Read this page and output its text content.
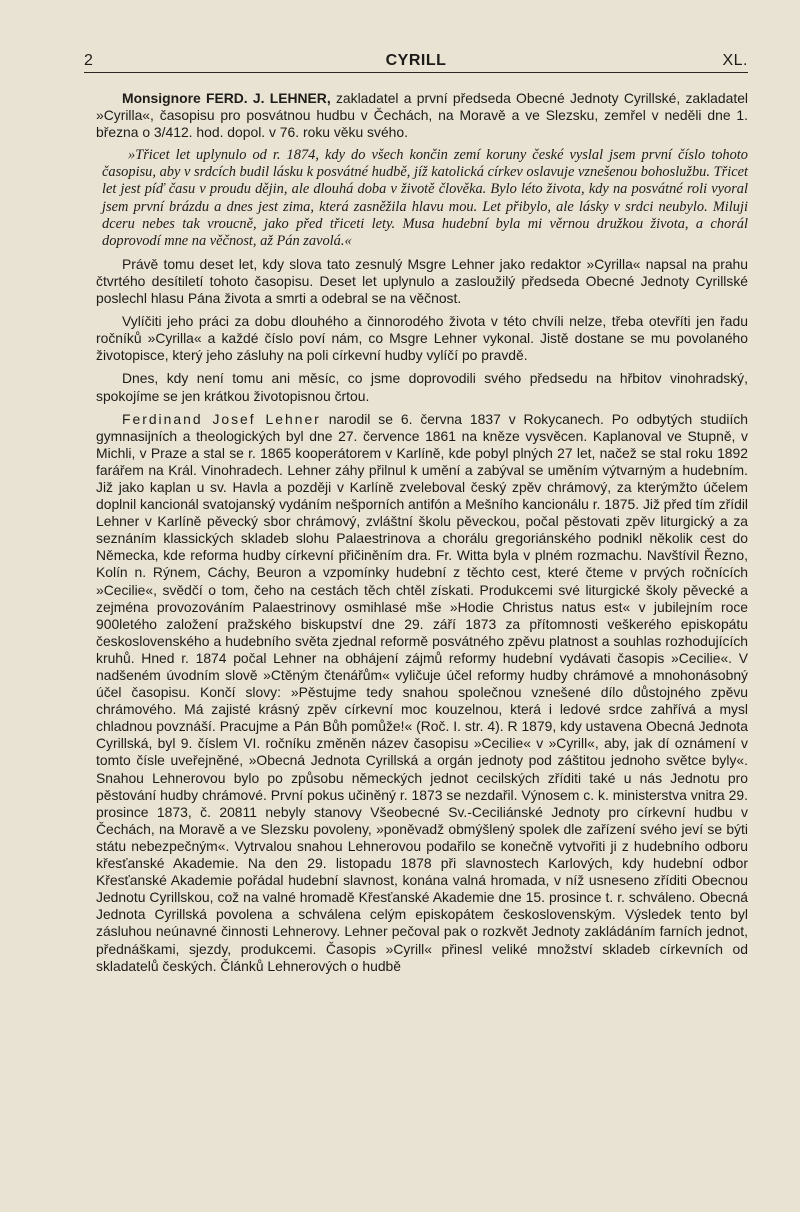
2	CYRILL	XL.

Monsignore FERD. J. LEHNER, zakladatel a první předseda Obecné Jednoty Cyrillské, zakladatel »Cyrilla«, časopisu pro posvátnou hudbu v Čechách, na Moravě a ve Slezsku, zemřel v neděli dne 1. března o 3/412. hod. dopol. v 76. roku věku svého.

»Třicet let uplynulo od r. 1874, kdy do všech končin zemí koruny české vyslal jsem první číslo tohoto časopisu, aby v srdcích budil lásku k posvátné hudbě, jíž katolická církev oslavuje vznešenou bohoslužbu. Třicet let jest píď času v proudu dějin, ale dlouhá doba v životě člověka. Bylo léto života, kdy na posvátné roli vyoral jsem první brázdu a dnes jest zima, která zasněžila hlavu mou. Let přibylo, ale lásky v srdci neubylo. Miluji dceru nebes tak vroucně, jako před třiceti lety. Musa hudební byla mi věrnou družkou života, a chorál doprovodí mne na věčnost, až Pán zavolá.«

Právě tomu deset let, kdy slova tato zesnulý Msgre Lehner jako redaktor »Cyrilla« napsal na prahu čtvrtého desítiletí tohoto časopisu. Deset let uplynulo a zasloužilý předseda Obecné Jednoty Cyrillské poslechl hlasu Pána života a smrti a odebral se na věčnost.

Vylíčiti jeho práci za dobu dlouhého a činnorodého života v této chvíli nelze, třeba otevříti jen řadu ročníků »Cyrilla« a každé číslo poví nám, co Msgre Lehner vykonal. Jistě dostane se mu povolaného životopisce, který jeho zásluhy na poli církevní hudby vylíčí po pravdě.

Dnes, kdy není tomu ani měsíc, co jsme doprovodili svého předsedu na hřbitov vinohradský, spokojíme se jen krátkou životopisnou črtou.

Ferdinand Josef Lehner narodil se 6. června 1837 v Rokycanech. Po odbytých studiích gymnasijních a theologických byl dne 27. července 1861 na kněze vysvěcen. Kaplanoval ve Stupně, v Michli, v Praze a stal se r. 1865 kooperátorem v Karlíně, kde pobyl plných 27 let, načež se stal roku 1892 farářem na Král. Vinohradech. Lehner záhy přilnul k umění a zabýval se uměním výtvarným a hudebním. Již jako kaplan u sv. Havla a později v Karlíně zveleboval český zpěv chrámový, za kterýmžto účelem doplnil kancionál svatojanský vydáním nešporních antifón a Mešního kancionálu r. 1875. Již před tím zřídil Lehner v Karlíně pěvecký sbor chrámový, zvláštní školu pěveckou, počal pěstovati zpěv liturgický a za seznáním klassických skladeb slohu Palaestrinova a chorálu gregoriánského podnikl několik cest do Německa, kde reforma hudby církevní přičiněním dra. Fr. Witta byla v plném rozmachu. Navštívil Řezno, Kolín n. Rýnem, Cáchy, Beuron a vzpomínky hudební z těchto cest, které čteme v prvých ročnících »Cecilie«, svědčí o tom, čeho na cestách těch chtěl získati. Produkcemi své liturgické školy pěvecké a zejména provozováním Palaestrinovy osmihlasé mše »Hodie Christus natus est« v jubilejním roce 900letého založení pražského biskupství dne 29. září 1873 za přítomnosti veškerého episkopátu československého a hudebního světa zjednal reformě posvátného zpěvu platnost a souhlas rozhodujících kruhů. Hned r. 1874 počal Lehner na obhájení zájmů reformy hudební vydávati časopis »Cecilie«. V nadšeném úvodním slově »Ctěným čtenářům« vyličuje účel reformy hudby chrámové a mnohonásobný účel časopisu. Končí slovy: »Pěstujme tedy snahou společnou vznešené dílo důstojného zpěvu chrámového. Má zajisté krásný zpěv církevní moc kouzelnou, která i ledové srdce zahřívá a mysl chladnou povznáší. Pracujme a Pán Bůh pomůže!« (Roč. I. str. 4). R 1879, kdy ustavena Obecná Jednota Cyrillská, byl 9. číslem VI. ročníku změněn název časopisu »Cecilie« v »Cyrill«, aby, jak dí oznámení v tomto čísle uveřejněné, »Obecná Jednota Cyrillská a orgán jednoty pod záštitou jednoho světce byly«. Snahou Lehnerovou bylo po způsobu německých jednot cecilských zříditi také u nás Jednotu pro pěstování hudby chrámové. První pokus učiněný r. 1873 se nezdařil. Výnosem c. k. ministerstva vnitra 29. prosince 1873, č. 20811 nebyly stanovy Všeobecné Sv.-Ceciliánské Jednoty pro církevní hudbu v Čechách, na Moravě a ve Slezsku povoleny, »poněvadž obmýšlený spolek dle zařízení svého jeví se býti státu nebezpečným«. Vytrvalou snahou Lehnerovou podařilo se konečně vytvořiti ji z hudebního odboru křesťanské Akademie. Na den 29. listopadu 1878 při slavnostech Karlových, kdy hudební odbor Křesťanské Akademie pořádal hudební slavnost, konána valná hromada, v níž usneseno zříditi Obecnou Jednotu Cyrillskou, což na valné hromadě Křesťanské Akademie dne 15. prosince t. r. schváleno. Obecná Jednota Cyrillská povolena a schválena celým episkopátem československým. Výsledek tento byl zásluhou neúnavné činnosti Lehnerovy. Lehner pečoval pak o rozkvět Jednoty zakládáním farních jednot, přednáškami, sjezdy, produkcemi. Časopis »Cyrill« přinesl veliké množství skladeb církevních od skladatelů českých. Článků Lehnerových o hudbě
